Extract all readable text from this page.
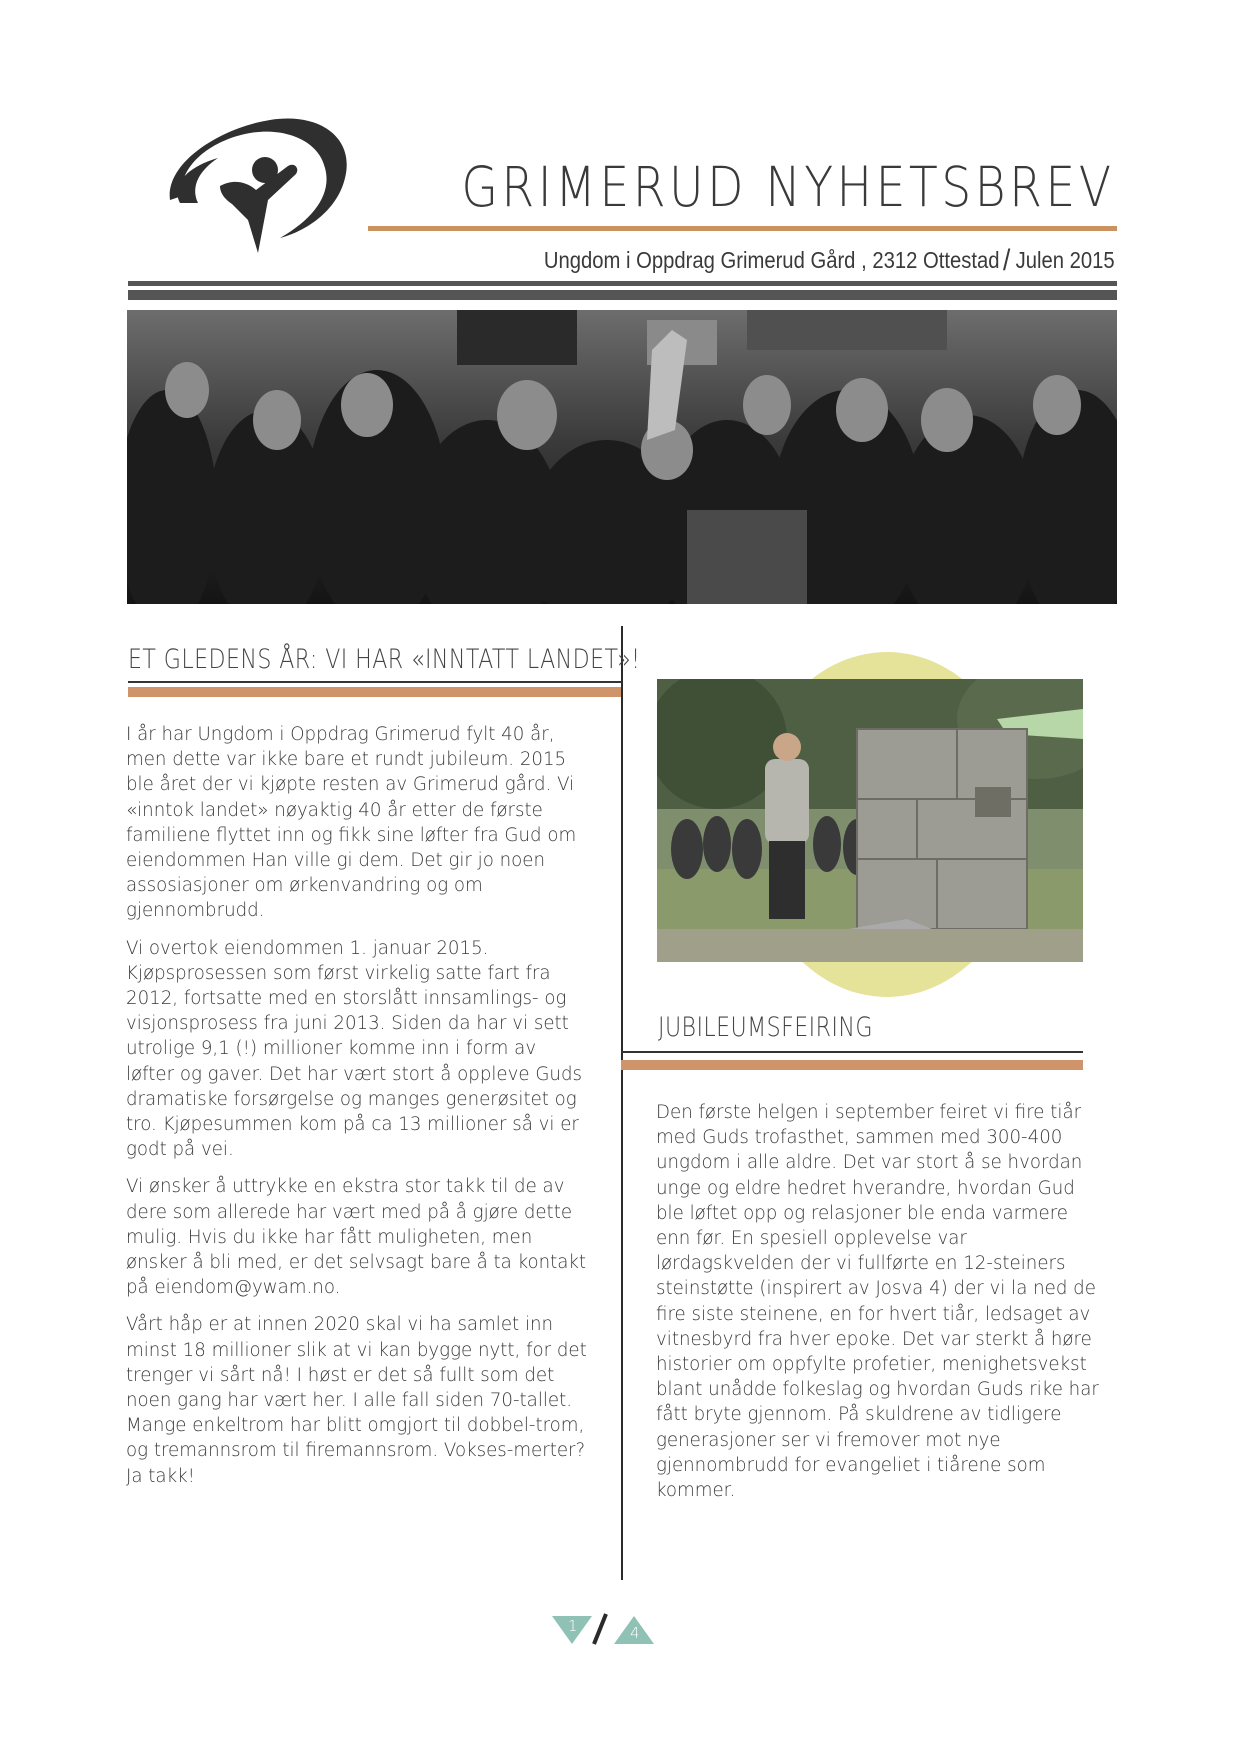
GRIMERUD NYHETSBREV
Ungdom i Oppdrag Grimerud Gård , 2312 Ottestad / Julen 2015
ET GLEDENS ÅR: VI HAR «INNTATT LANDET»!

I år har Ungdom i Oppdrag Grimerud fylt 40 år, men dette var ikke bare et rundt jubileum. 2015 ble året der vi kjøpte resten av Grimerud gård. Vi «inntok landet» nøyaktig 40 år etter de første familiene flyttet inn og fikk sine løfter fra Gud om eiendommen Han ville gi dem. Det gir jo noen assosiasjoner om ørkenvandring og om gjennombrudd.

Vi overtok eiendommen 1. januar 2015. Kjøpsprosessen som først virkelig satte fart fra 2012, fortsatte med en storslått innsamlings- og visjonsprosess fra juni 2013. Siden da har vi sett utrolige 9,1 (!) millioner komme inn i form av løfter og gaver. Det har vært stort å oppleve Guds dramatiske forsørgelse og manges generøsitet og tro. Kjøpesummen kom på ca 13 millioner så vi er godt på vei.

Vi ønsker å uttrykke en ekstra stor takk til de av dere som allerede har vært med på å gjøre dette mulig. Hvis du ikke har fått muligheten, men ønsker å bli med, er det selvsagt bare å ta kontakt på eiendom@ywam.no.

Vårt håp er at innen 2020 skal vi ha samlet inn minst 18 millioner slik at vi kan bygge nytt, for det trenger vi sårt nå! I høst er det så fullt som det noen gang har vært her. I alle fall siden 70-tallet. Mange enkeltrom har blitt omgjort til dobbel-trom, og tremannsrom til firemannsrom. Vokses-merter? Ja takk!

JUBILEUMSFEIRING

Den første helgen i september feiret vi fire tiår med Guds trofasthet, sammen med 300-400 ungdom i alle aldre. Det var stort å se hvordan unge og eldre hedret hverandre, hvordan Gud ble løftet opp og relasjoner ble enda varmere enn før. En spesiell opplevelse var lørdagskvelden der vi fullførte en 12-steiners steinstøtte (inspirert av Josva 4) der vi la ned de fire siste steinene, en for hvert tiår, ledsaget av vitnesbyrd fra hver epoke. Det var sterkt å høre historier om oppfylte profetier, menighetsvekst blant unådde folkeslag og hvordan Guds rike har fått bryte gjennom. På skuldrene av tidligere generasjoner ser vi fremover mot nye gjennombrudd for evangeliet i tiårene som kommer.

1	4
